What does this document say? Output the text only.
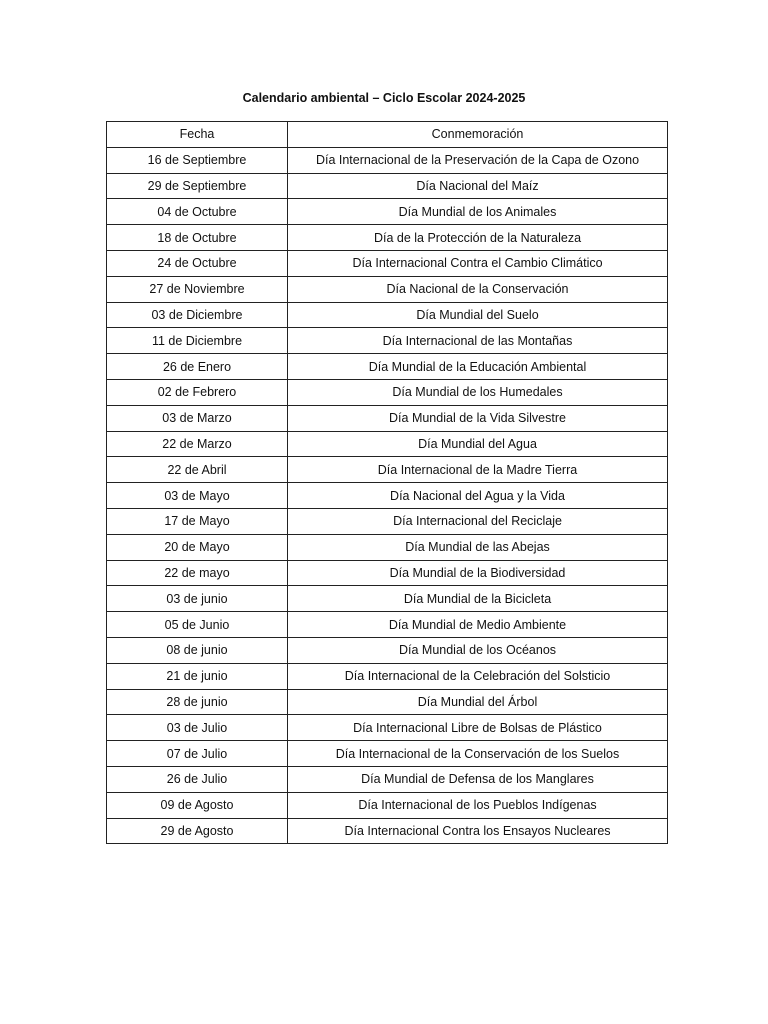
Calendario ambiental – Ciclo Escolar 2024-2025
Fecha	Conmemoración
16 de Septiembre	Día Internacional de la Preservación de la Capa de Ozono
29 de Septiembre	Día Nacional del Maíz
04 de Octubre	Día Mundial de los Animales
18 de Octubre	Día de la Protección de la Naturaleza
24 de Octubre	Día Internacional Contra el Cambio Climático
27 de Noviembre	Día Nacional de la Conservación
03 de Diciembre	Día Mundial del Suelo
11 de Diciembre	Día Internacional de las Montañas
26 de Enero	Día Mundial de la Educación Ambiental
02 de Febrero	Día Mundial de los Humedales
03 de Marzo	Día Mundial de la Vida Silvestre
22 de Marzo	Día Mundial del Agua
22 de Abril	Día Internacional de la Madre Tierra
03 de Mayo	Día Nacional del Agua y la Vida
17 de Mayo	Día Internacional del Reciclaje
20 de Mayo	Día Mundial de las Abejas
22 de mayo	Día Mundial de la Biodiversidad
03 de junio	Día Mundial de la Bicicleta
05 de Junio	Día Mundial de Medio Ambiente
08 de junio	Día Mundial de los Océanos
21 de junio	Día Internacional de la Celebración del Solsticio
28 de junio	Día Mundial del Árbol
03 de Julio	Día Internacional Libre de Bolsas de Plástico
07 de Julio	Día Internacional de la Conservación de los Suelos
26 de Julio	Día Mundial de Defensa de los Manglares
09 de Agosto	Día Internacional de los Pueblos Indígenas
29 de Agosto	Día Internacional Contra los Ensayos Nucleares
